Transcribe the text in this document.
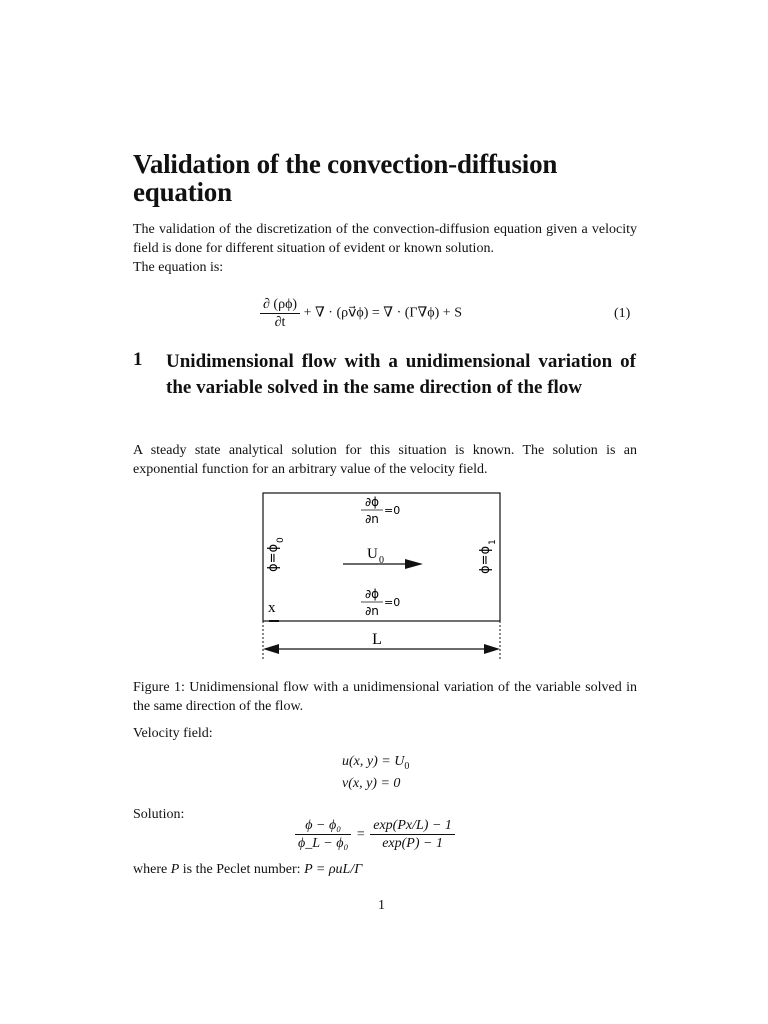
Validation of the convection-diffusion equation
The validation of the discretization of the convection-diffusion equation given a velocity field is done for different situation of evident or known solution.
The equation is:
$\frac{\partial (\rho\phi)}{\partial t}$ + ∇ · (ρv⃗ϕ) = ∇ · (Γ∇ϕ) + S	(1)
1 Unidimensional flow with a unidimensional variation of the variable solved in the same direction of the flow
A steady state analytical solution for this situation is known. The solution is an exponential function for an arbitrary value of the velocity field.
∂ϕ
∂n
=0
ϕ=ϕ
0
ϕ=ϕ
1
U 0
∂ϕ
∂n
=0
x
L
Figure 1: Unidimensional flow with a unidimensional variation of the variable solved in the same direction of the flow.
Velocity field:
u(x, $y) = U_0$
v(x, y) = 0
Solution:
$\frac{\text{ϕ − ϕ₀}}{\text{ϕ\_L − ϕ₀}} = \frac{\exp(Px/L) - 1}{\exp(P) - 1}$
where P is the Peclet number: P = ρuL/Γ
1
